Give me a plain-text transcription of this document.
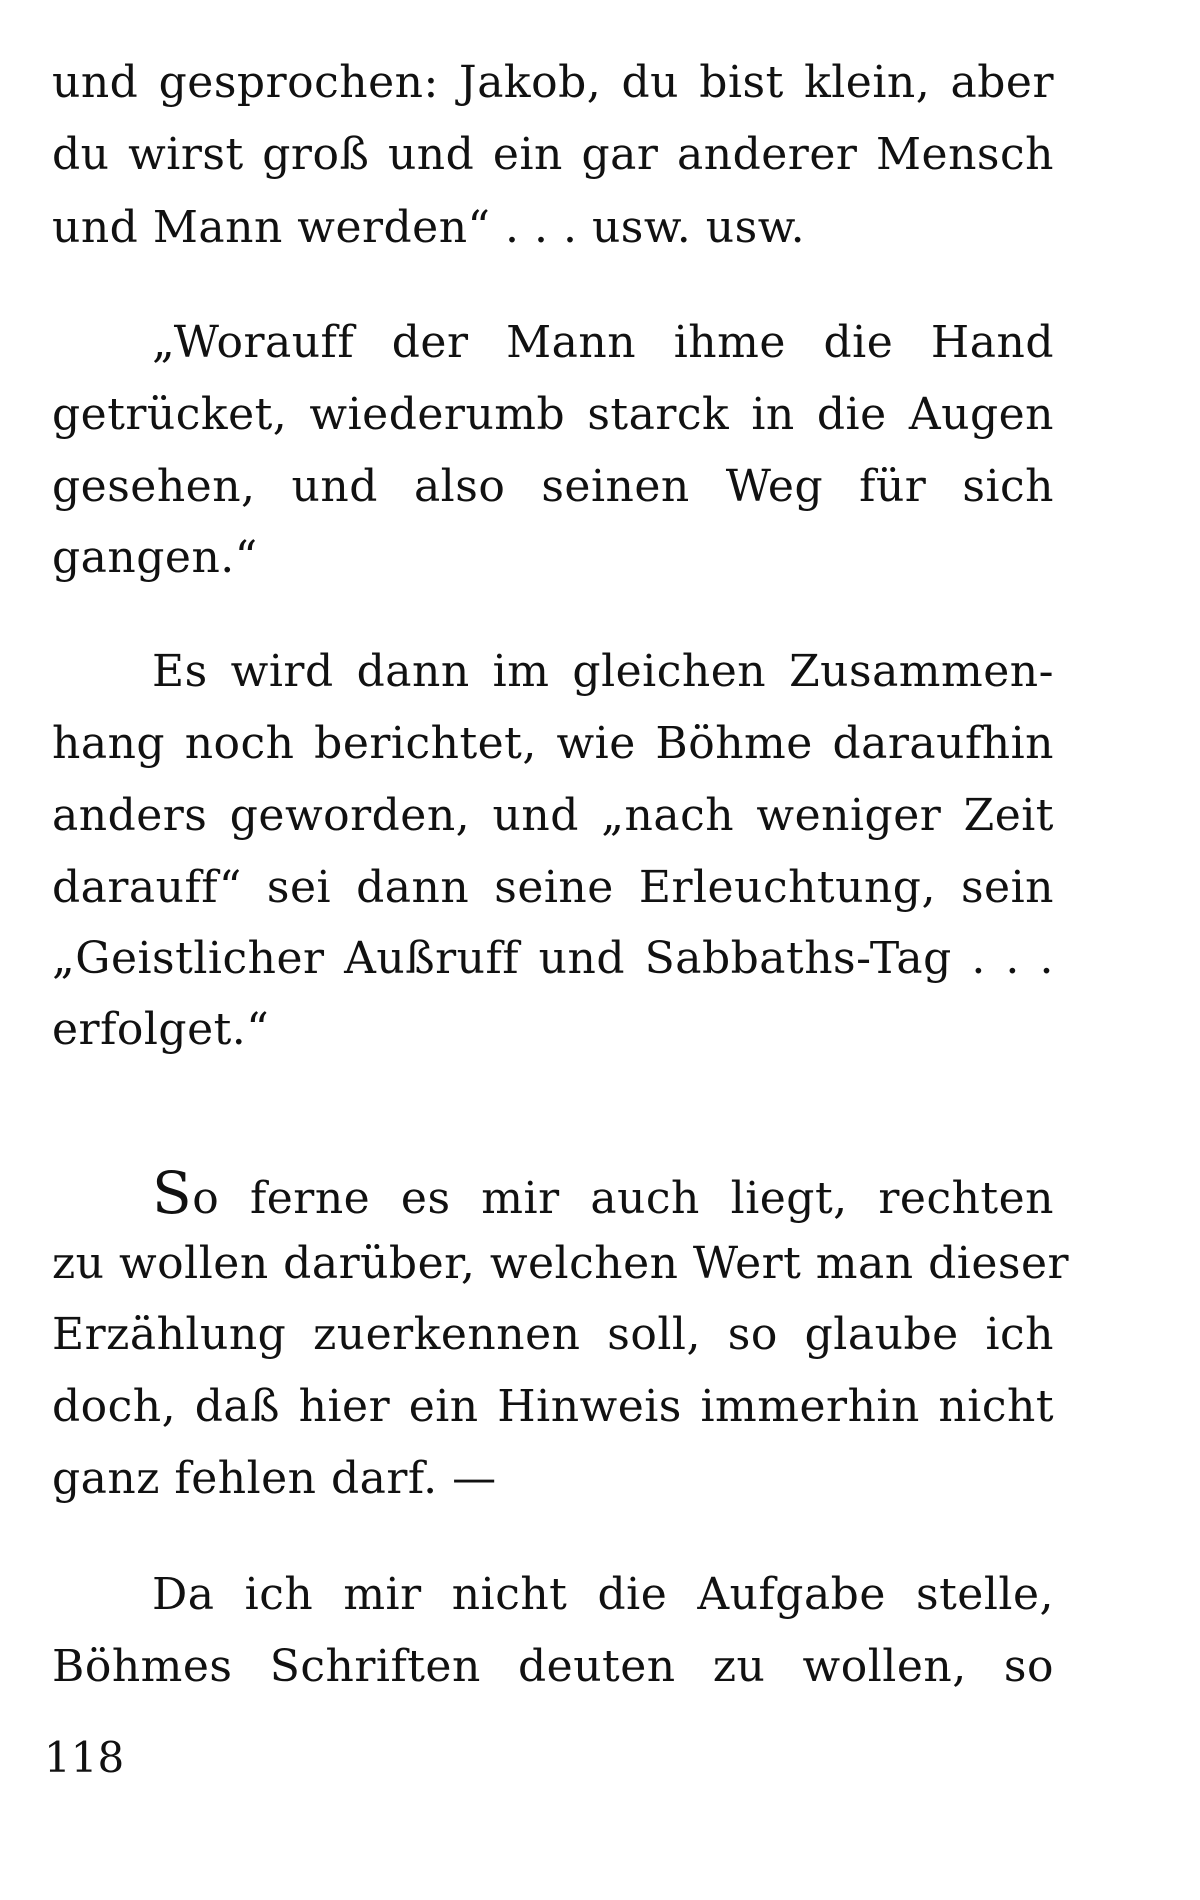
und gesprochen: Jakob, du bist klein, aber
du wirst groß und ein gar anderer Mensch
und Mann werden“ . . . usw. usw.
„Worauff der Mann ihme die Hand
getrücket, wiederumb starck in die Augen
gesehen, und also seinen Weg für sich
gangen.“
Es wird dann im gleichen Zusammen-
hang noch berichtet, wie Böhme daraufhin
anders geworden, und „nach weniger Zeit
darauff“ sei dann seine Erleuchtung, sein
„Geistlicher Außruff und Sabbaths-Tag . . .
erfolget.“
So ferne es mir auch liegt, rechten
zu wollen darüber, welchen Wert man dieser
Erzählung zuerkennen soll, so glaube ich
doch, daß hier ein Hinweis immerhin nicht
ganz fehlen darf. —
Da ich mir nicht die Aufgabe stelle,
Böhmes Schriften deuten zu wollen, so
118
